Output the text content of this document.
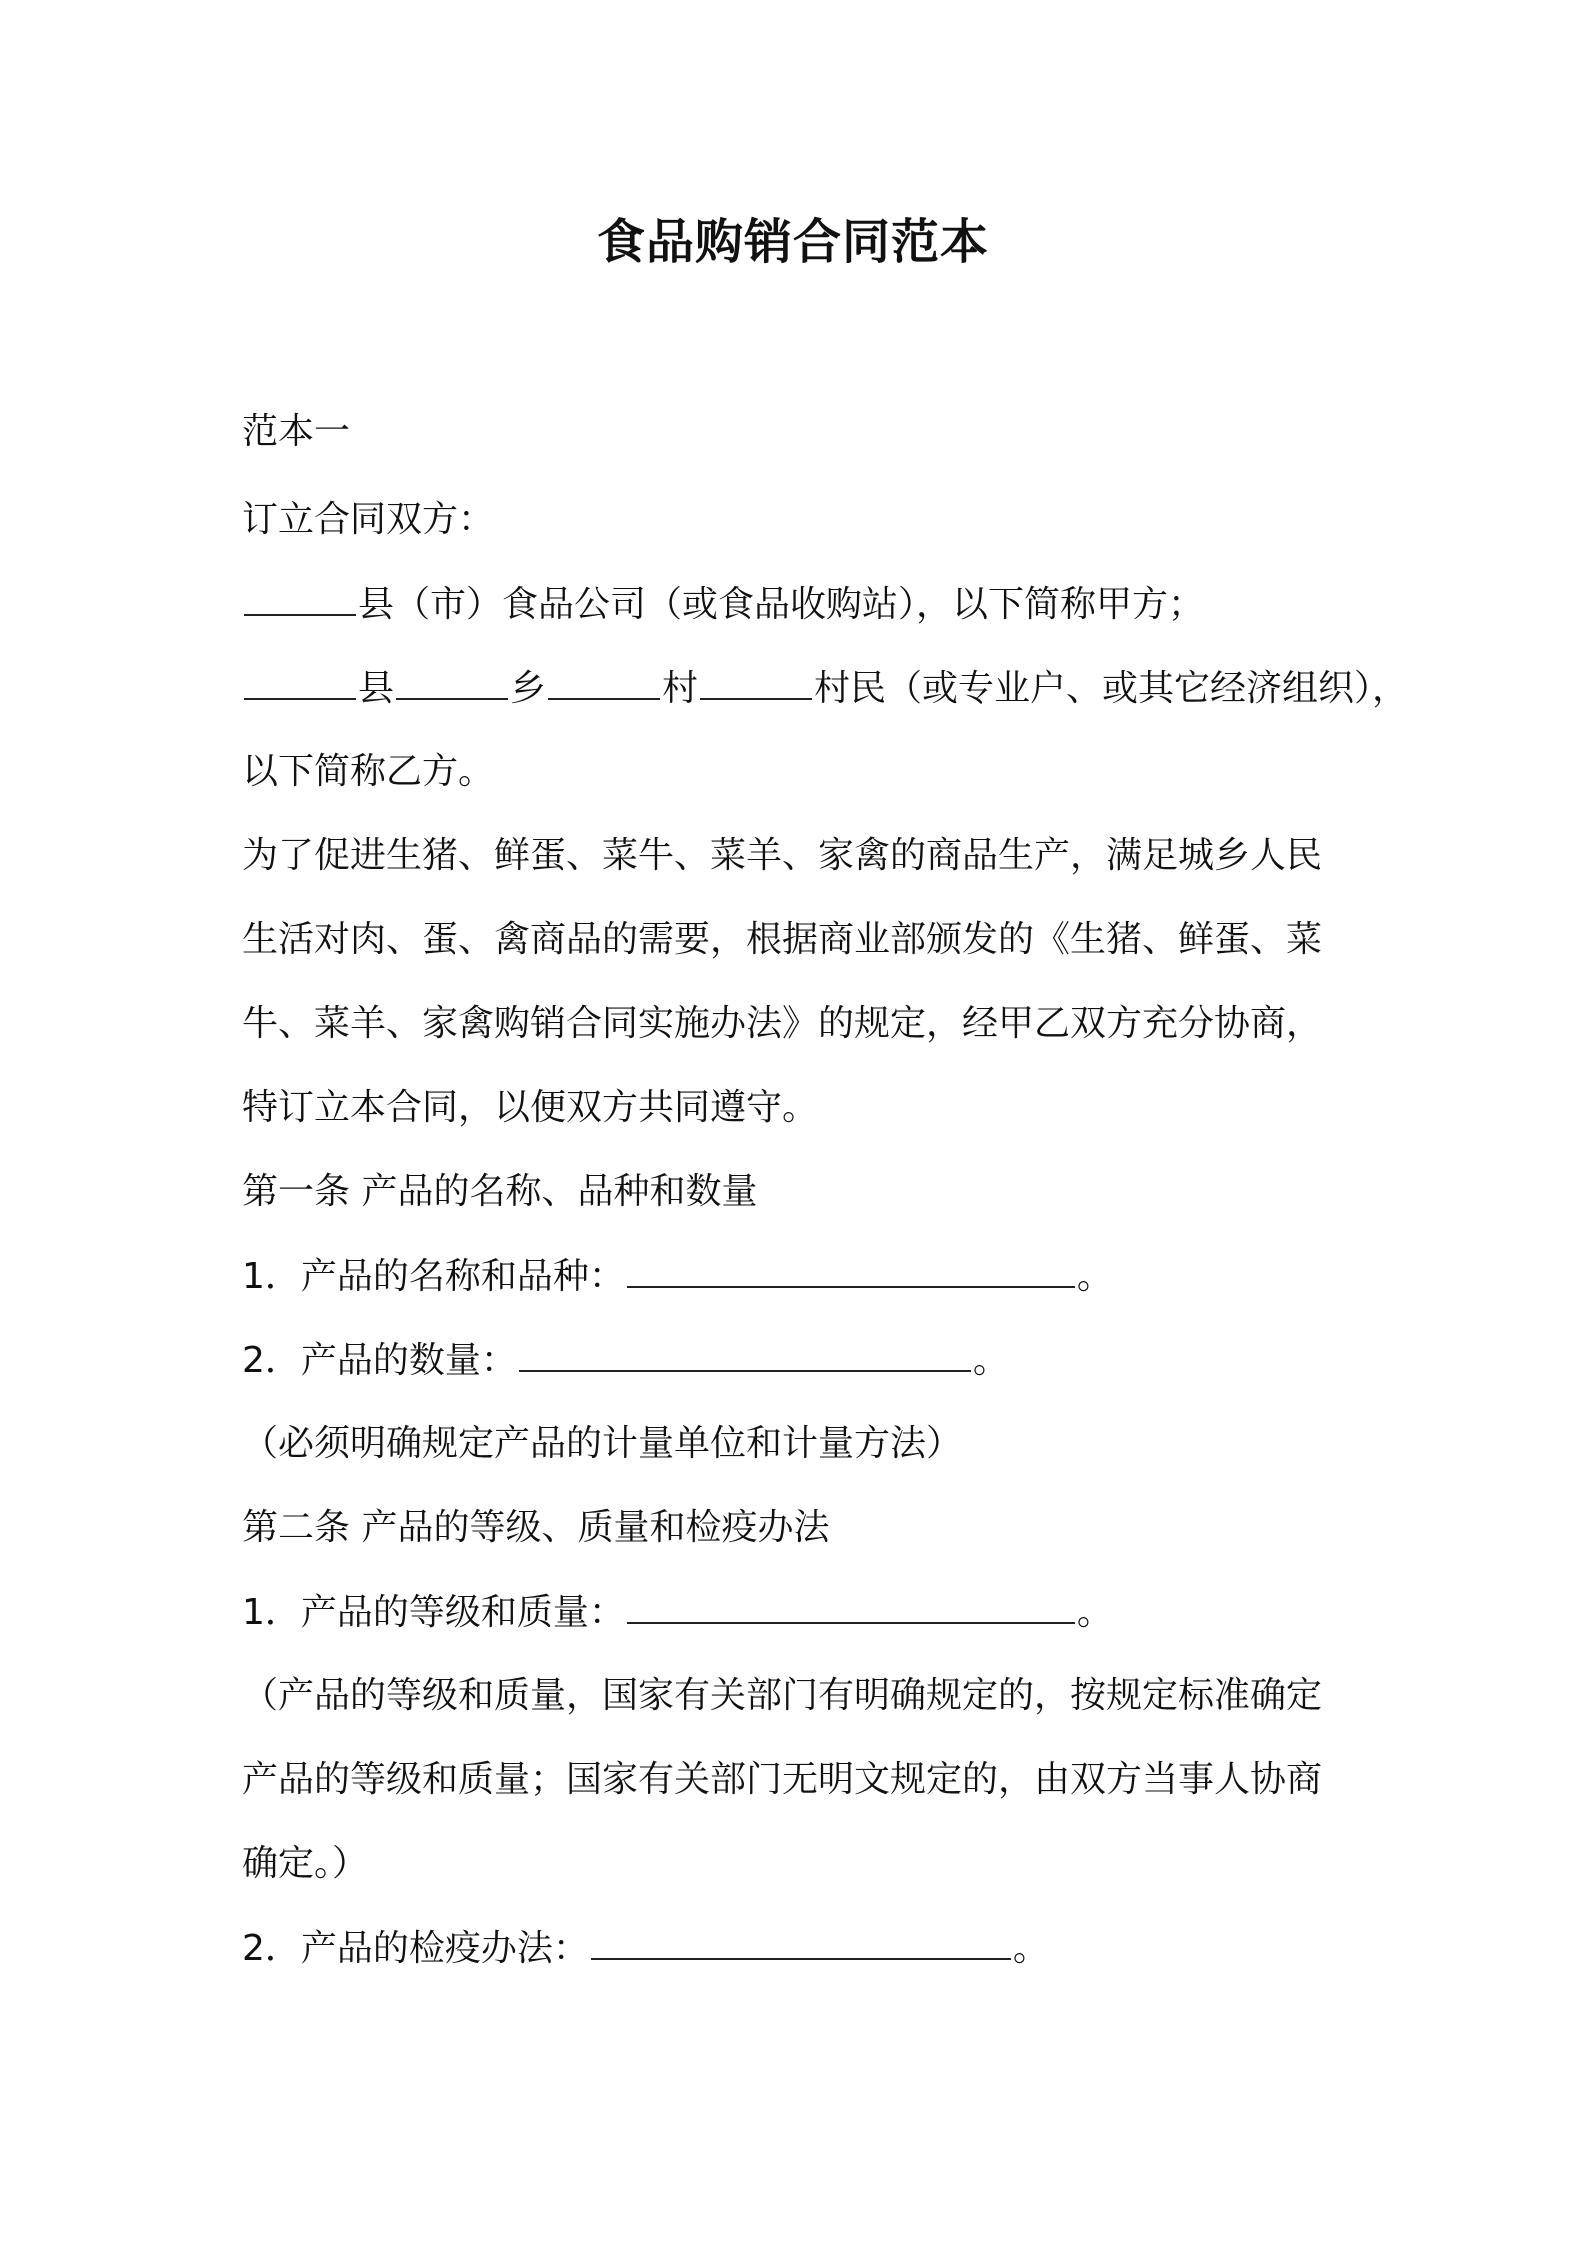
食品购销合同范本
范本一
订立合同双方：
县（市）食品公司（或食品收购站），以下简称甲方；
县	乡	村	村民（或专业户、或其它经济组织），
以下简称乙方。
为了促进生猪、鲜蛋、菜牛、菜羊、家禽的商品生产，满足城乡人民
生活对肉、蛋、禽商品的需要，根据商业部颁发的《生猪、鲜蛋、菜
牛、菜羊、家禽购销合同实施办法》的规定，经甲乙双方充分协商，
特订立本合同，以便双方共同遵守。
第一条 产品的名称、品种和数量
1．产品的名称和品种：	。
2．产品的数量：	。
（必须明确规定产品的计量单位和计量方法）
第二条 产品的等级、质量和检疫办法
1．产品的等级和质量：	。
（产品的等级和质量，国家有关部门有明确规定的，按规定标准确定
产品的等级和质量；国家有关部门无明文规定的，由双方当事人协商
确定。）
2．产品的检疫办法：	。
